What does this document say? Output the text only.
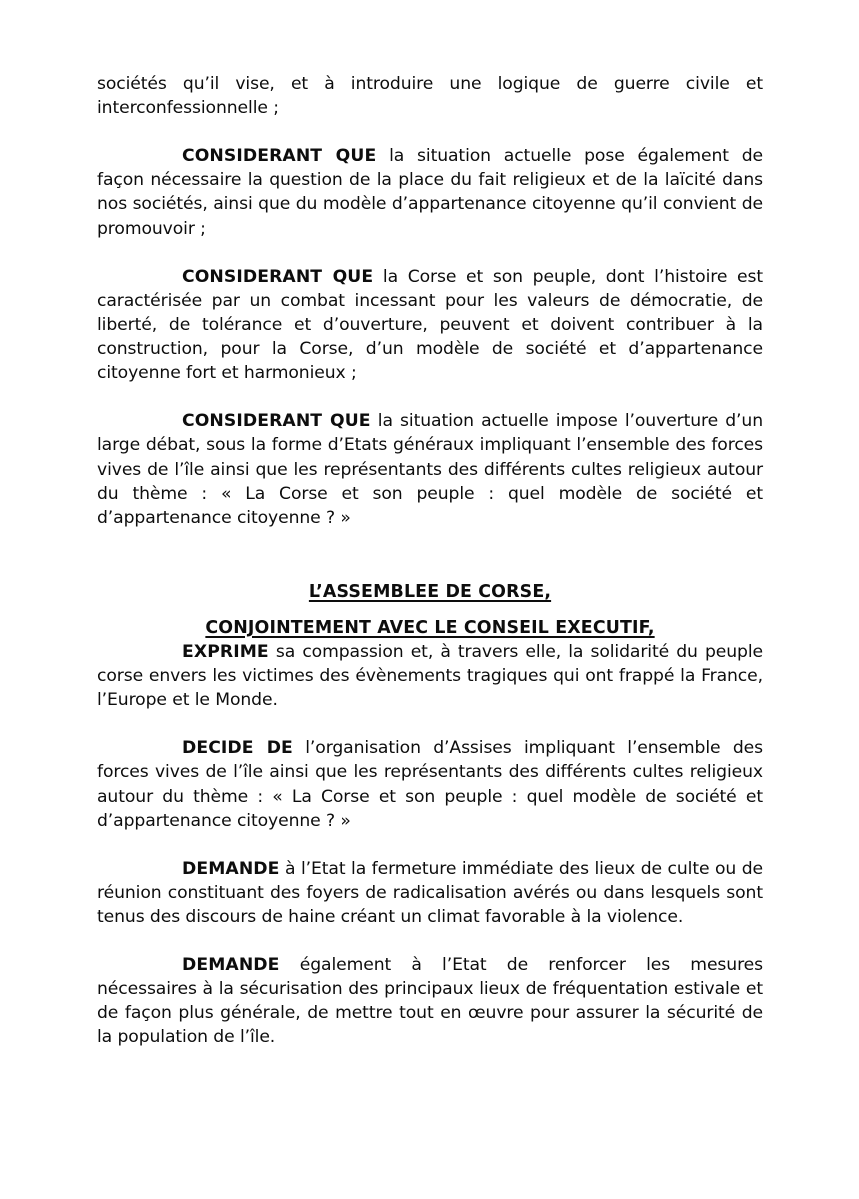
sociétés qu’il vise, et à introduire une logique de guerre civile et interconfessionnelle ;

CONSIDERANT QUE la situation actuelle pose également de façon nécessaire la question de la place du fait religieux et de la laïcité dans nos sociétés, ainsi que du modèle d’appartenance citoyenne qu’il convient de promouvoir ;

CONSIDERANT QUE la Corse et son peuple, dont l’histoire est caractérisée par un combat incessant pour les valeurs de démocratie, de liberté, de tolérance et d’ouverture, peuvent et doivent contribuer à la construction, pour la Corse, d’un modèle de société et d’appartenance citoyenne fort et harmonieux ;

CONSIDERANT QUE la situation actuelle impose l’ouverture d’un large débat, sous la forme d’Etats généraux impliquant l’ensemble des forces vives de l’île ainsi que les représentants des différents cultes religieux autour du thème : « La Corse et son peuple : quel modèle de société et d’appartenance citoyenne ? »

L’ASSEMBLEE DE CORSE,
CONJOINTEMENT AVEC LE CONSEIL EXECUTIF,

EXPRIME sa compassion et, à travers elle, la solidarité du peuple corse envers les victimes des évènements tragiques qui ont frappé la France, l’Europe et le Monde.

DECIDE DE l’organisation d’Assises impliquant l’ensemble des forces vives de l’île ainsi que les représentants des différents cultes religieux autour du thème : « La Corse et son peuple : quel modèle de société et d’appartenance citoyenne ? »

DEMANDE à l’Etat la fermeture immédiate des lieux de culte ou de réunion constituant des foyers de radicalisation avérés ou dans lesquels sont tenus des discours de haine créant un climat favorable à la violence.

DEMANDE également à l’Etat de renforcer les mesures nécessaires à la sécurisation des principaux lieux de fréquentation estivale et de façon plus générale, de mettre tout en œuvre pour assurer la sécurité de la population de l’île.
